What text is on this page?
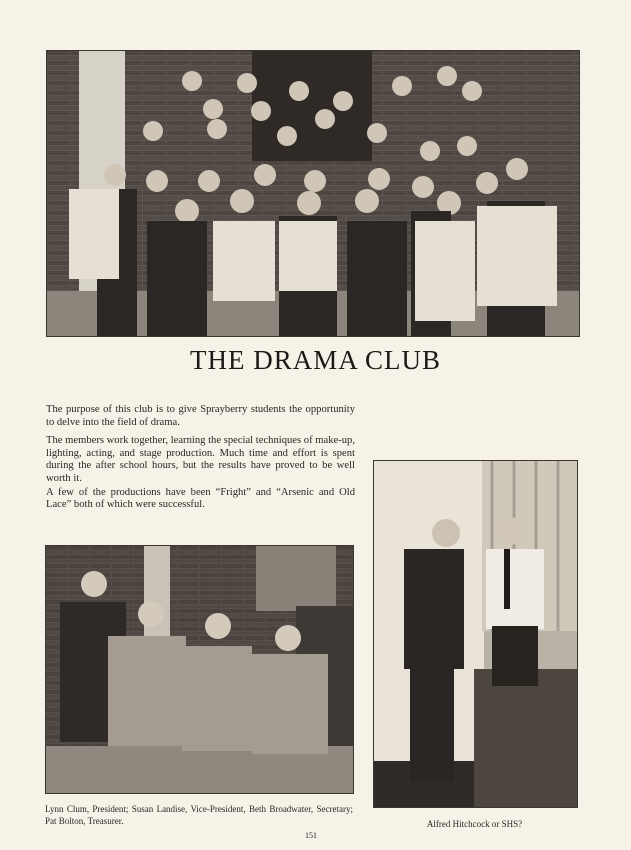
THE DRAMA CLUB

The purpose of this club is to give Sprayberry students the opportunity to delve into the field of drama.

The members work together, learning the special techniques of make-up, lighting, acting, and stage production. Much time and effort is spent during the after school hours, but the results have proved to be well worth it.

A few of the productions have been “Fright” and “Arsenic and Old Lace” both of which were successful.

Lynn Clum, President; Susan Landise, Vice-President, Beth Broadwater, Secretary; Pat Bolton, Treasurer.	Alfred Hitchcock or SHS?
151
